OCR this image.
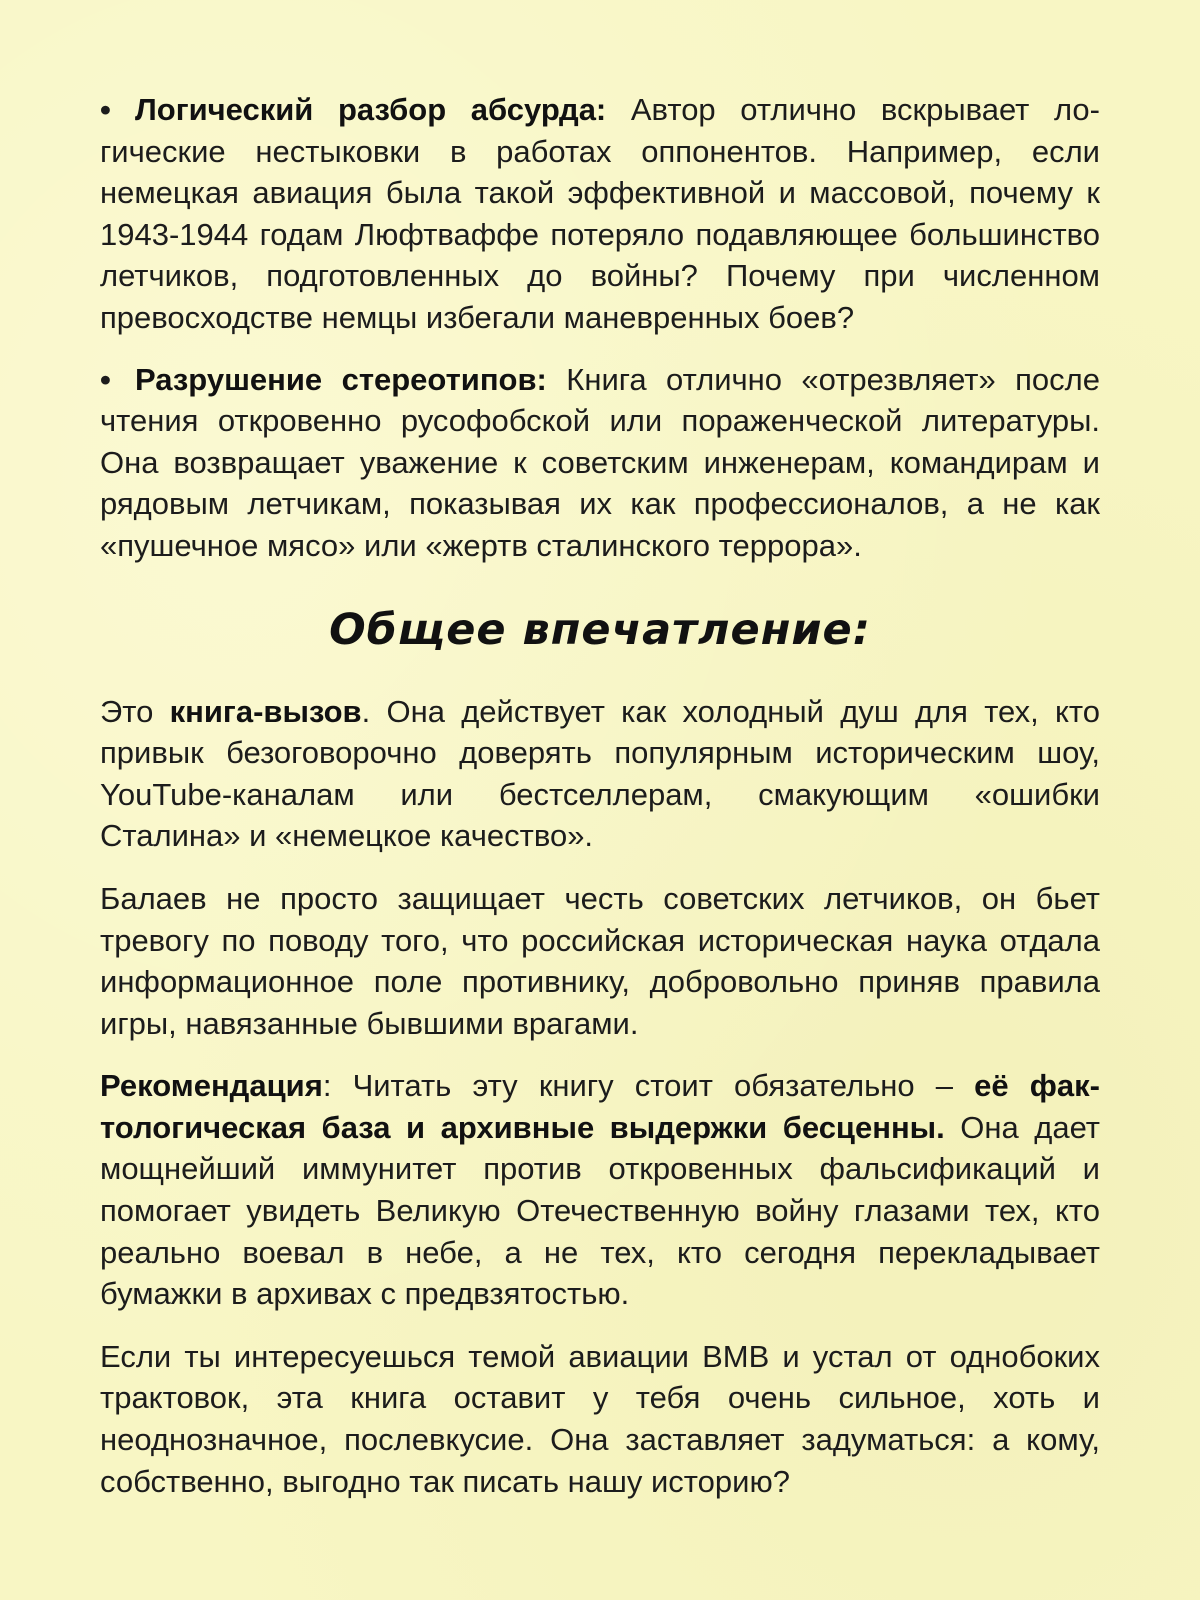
• Логический разбор абсурда: Автор отлично вскрывает логические нестыковки в работах оппонентов. Например, если немецкая авиация была такой эффективной и массовой, почему к 1943-1944 годам Люфтваффе потеряло подавляющее большинство летчиков, подготовленных до войны? Почему при численном превосходстве немцы избегали маневренных боев?

• Разрушение стереотипов: Книга отлично «отрезвляет» после чтения откровенно русофобской или пораженческой литературы. Она возвращает уважение к советским инженерам, командирам и рядовым летчикам, показывая их как профессионалов, а не как «пушечное мясо» или «жертв сталинского террора».

Общее впечатление:

Это книга-вызов. Она действует как холодный душ для тех, кто привык безоговорочно доверять популярным историческим шоу, YouTube-каналам или бестселлерам, смакующим «ошибки Сталина» и «немецкое качество».

Балаев не просто защищает честь советских летчиков, он бьет тревогу по поводу того, что российская историческая наука отдала информационное поле противнику, добровольно приняв правила игры, навязанные бывшими врагами.

Рекомендация: Читать эту книгу стоит обязательно – её фактологическая база и архивные выдержки бесценны. Она дает мощнейший иммунитет против откровенных фальсификаций и помогает увидеть Великую Отечественную войну глазами тех, кто реально воевал в небе, а не тех, кто сегодня перекладывает бумажки в архивах с предвзятостью.

Если ты интересуешься темой авиации ВМВ и устал от однобоких трактовок, эта книга оставит у тебя очень сильное, хоть и неоднозначное, послевкусие. Она заставляет задуматься: а кому, собственно, выгодно так писать нашу историю?
